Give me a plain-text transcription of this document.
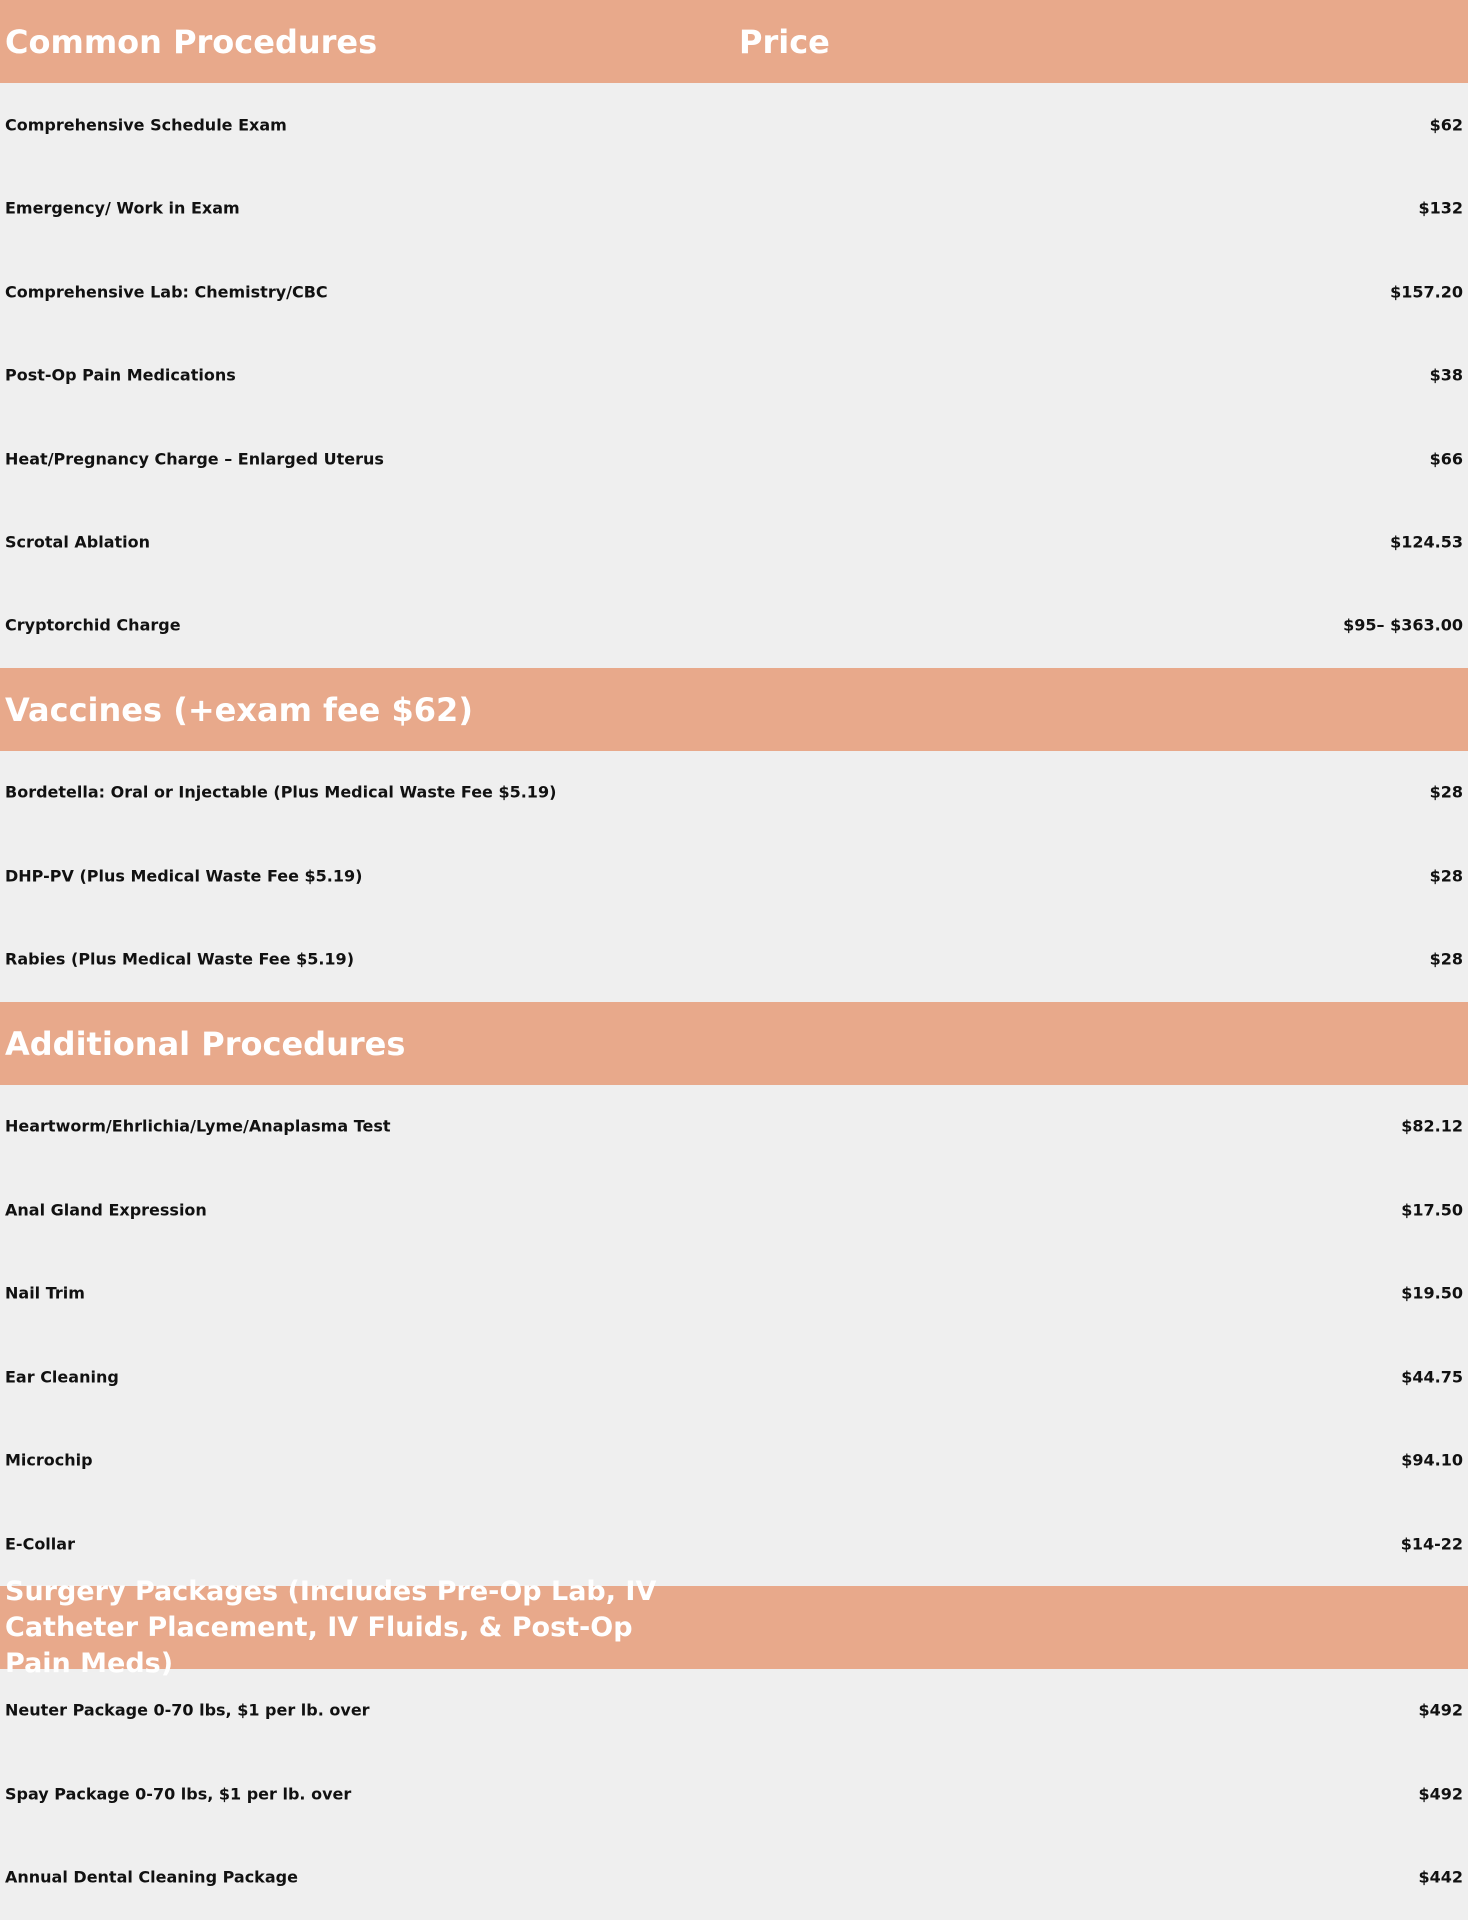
Common Procedures	Price
Comprehensive Schedule Exam	$62
Emergency/ Work in Exam	$132
Comprehensive Lab: Chemistry/CBC	$157.20
Post-Op Pain Medications	$38
Heat/Pregnancy Charge – Enlarged Uterus	$66
Scrotal Ablation	$124.53
Cryptorchid Charge	$95– $363.00
Vaccines (+exam fee $62)
Bordetella: Oral or Injectable (Plus Medical Waste Fee $5.19)	$28
DHP-PV (Plus Medical Waste Fee $5.19)	$28
Rabies (Plus Medical Waste Fee $5.19)	$28
Additional Procedures
Heartworm/Ehrlichia/Lyme/Anaplasma Test	$82.12
Anal Gland Expression	$17.50
Nail Trim	$19.50
Ear Cleaning	$44.75
Microchip	$94.10
E-Collar	$14-22
Surgery Packages (Includes Pre-Op Lab, IV Catheter Placement, IV Fluids, & Post-Op Pain Meds)
Neuter Package 0-70 lbs, $1 per lb. over	$492
Spay Package 0-70 lbs, $1 per lb. over	$492
Annual Dental Cleaning Package	$442
